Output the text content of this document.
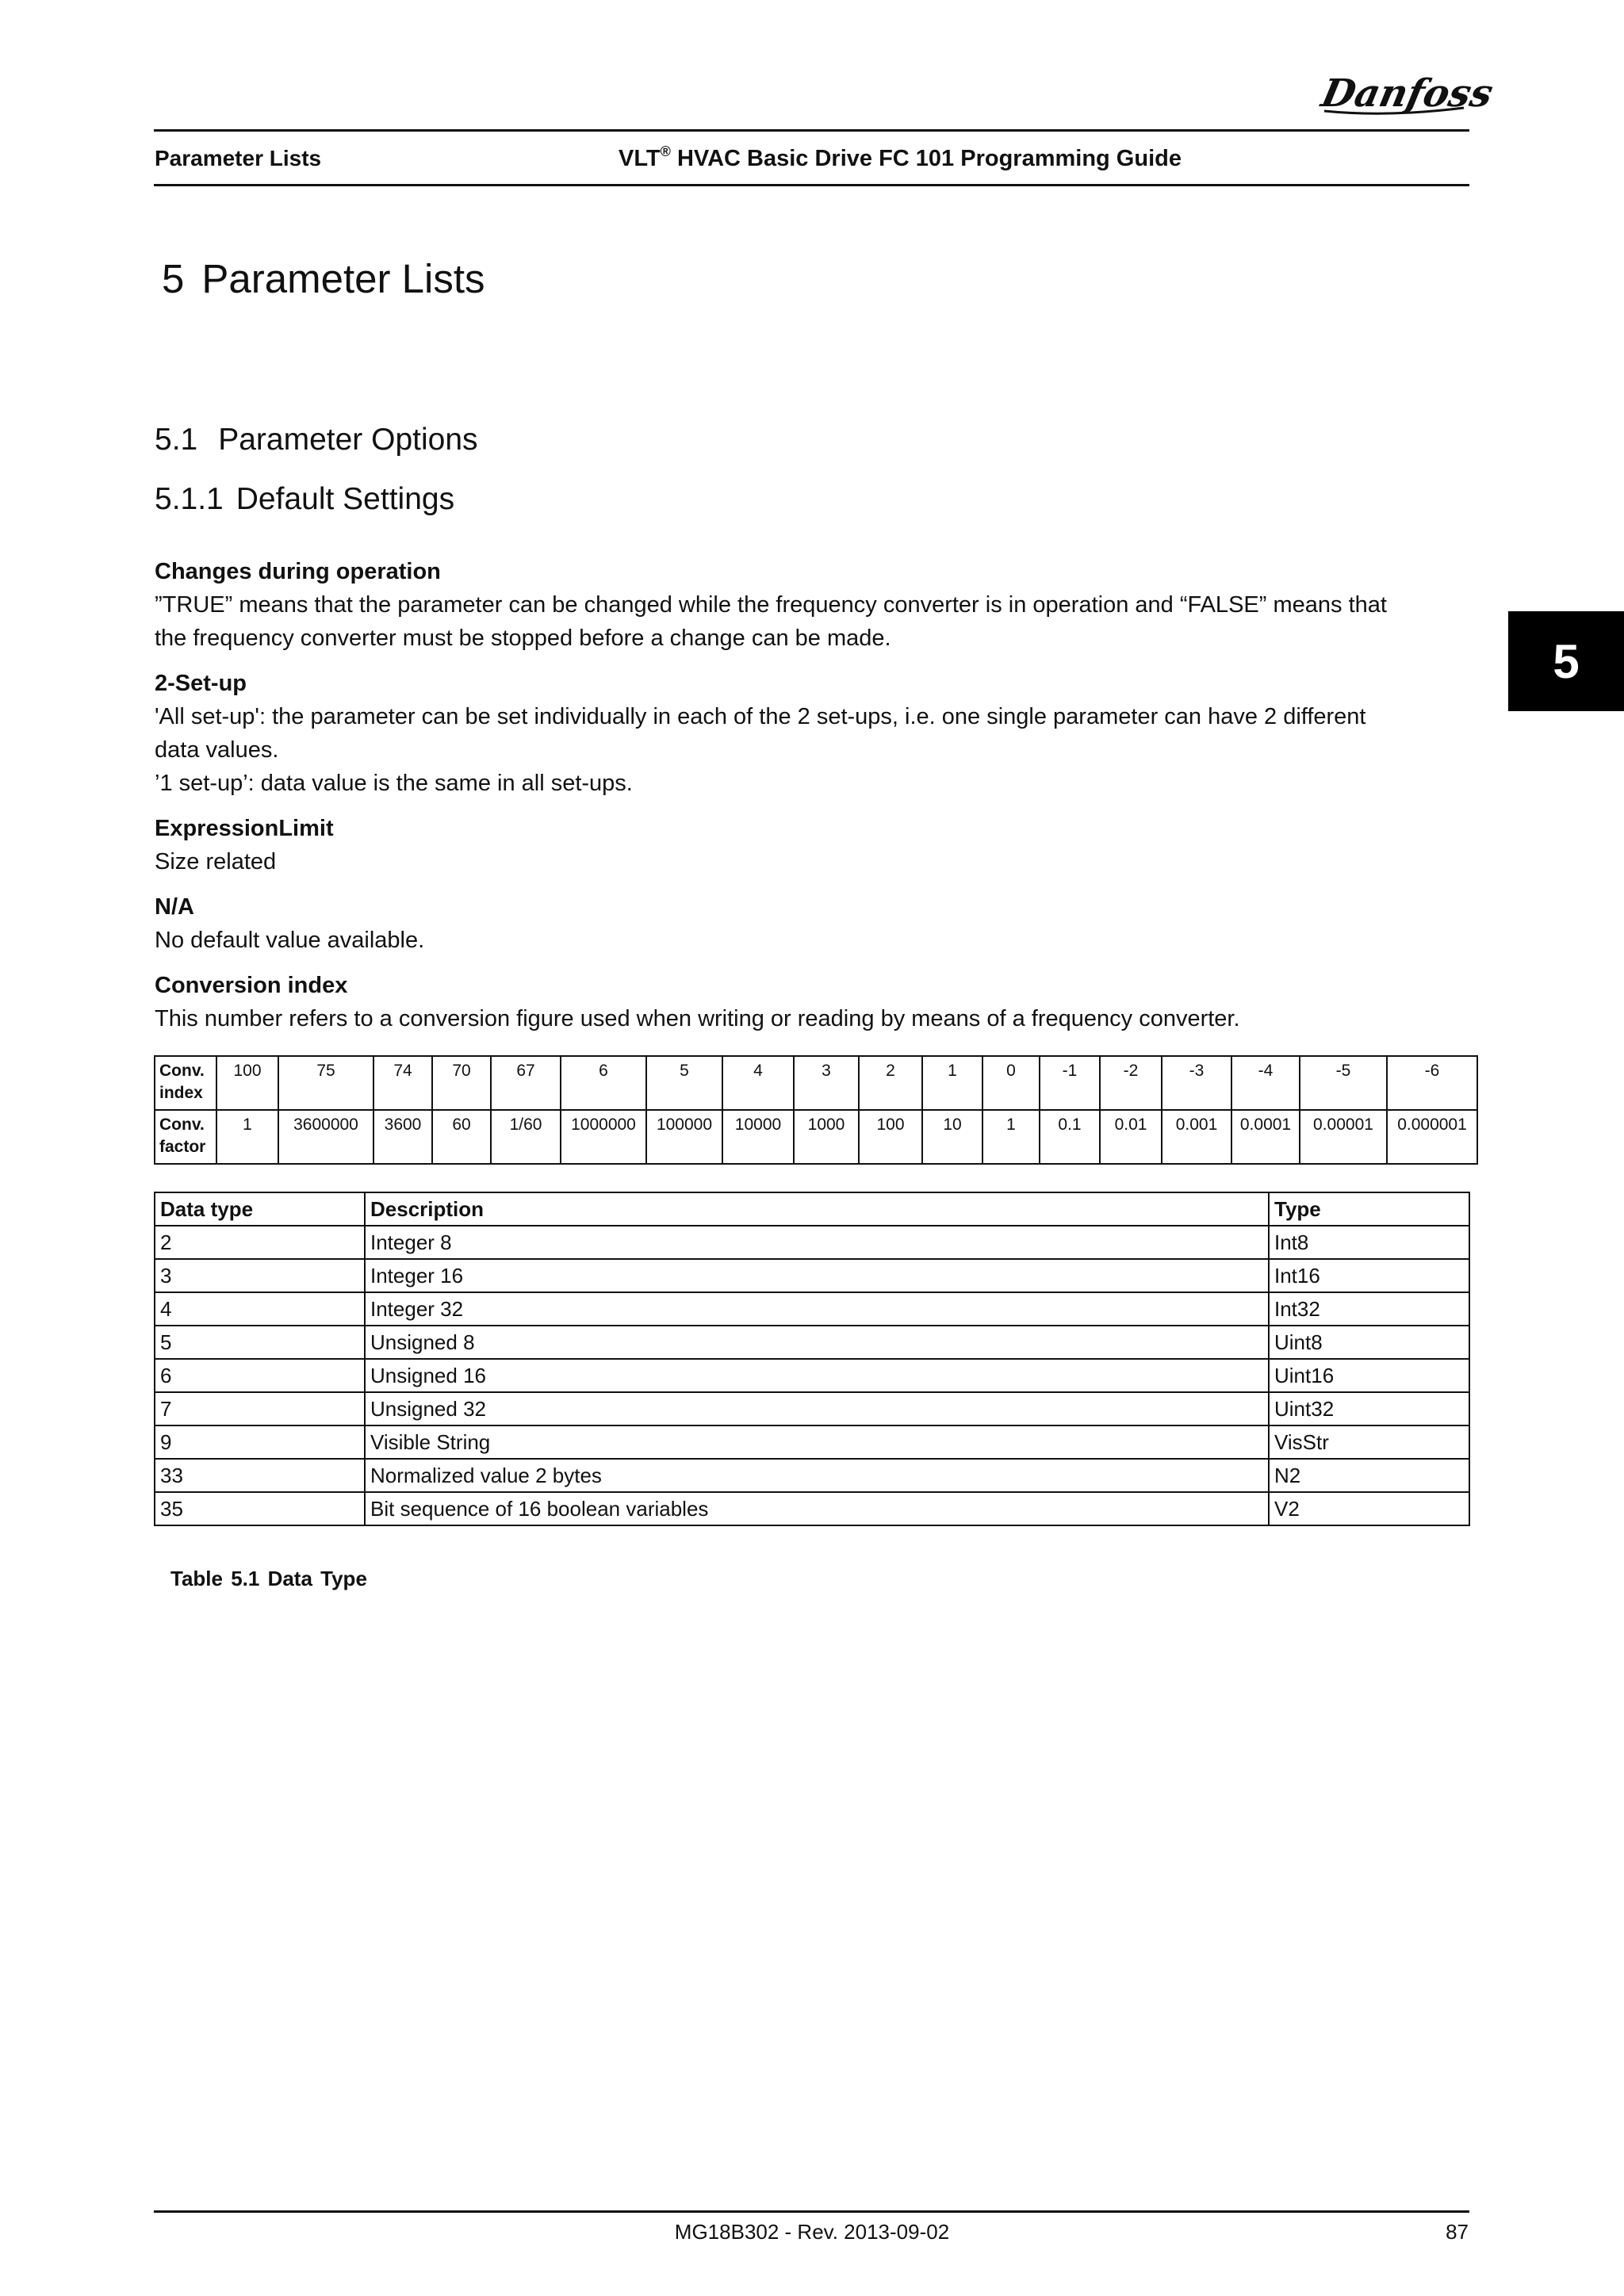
Danfoss
Parameter Lists	VLT® HVAC Basic Drive FC 101 Programming Guide
5 Parameter Lists
5.1 Parameter Options
5.1.1 Default Settings
5

Changes during operation

”TRUE” means that the parameter can be changed while the frequency converter is in operation and “FALSE” means that
the frequency converter must be stopped before a change can be made.

2-Set-up

'All set-up': the parameter can be set individually in each of the 2 set-ups, i.e. one single parameter can have 2 different
data values.
’1 set-up’: data value is the same in all set-ups.

ExpressionLimit

Size related

N/A

No default value available.

Conversion index

This number refers to a conversion figure used when writing or reading by means of a frequency converter.

Conv.
index	100	75	74	70	67	6	5	4	3	2	1	0	-1	-2	-3	-4	-5	-6
Conv.
factor	1	3600000	3600	60	1/60	1000000	100000	10000	1000	100	10	1	0.1	0.01	0.001	0.0001	0.00001	0.000001
Data type	Description	Type
2	Integer 8	Int8
3	Integer 16	Int16
4	Integer 32	Int32
5	Unsigned 8	Uint8
6	Unsigned 16	Uint16
7	Unsigned 32	Uint32
9	Visible String	VisStr
33	Normalized value 2 bytes	N2
35	Bit sequence of 16 boolean variables	V2
Table 5.1 Data Type
MG18B302 - Rev. 2013-09-02	87
